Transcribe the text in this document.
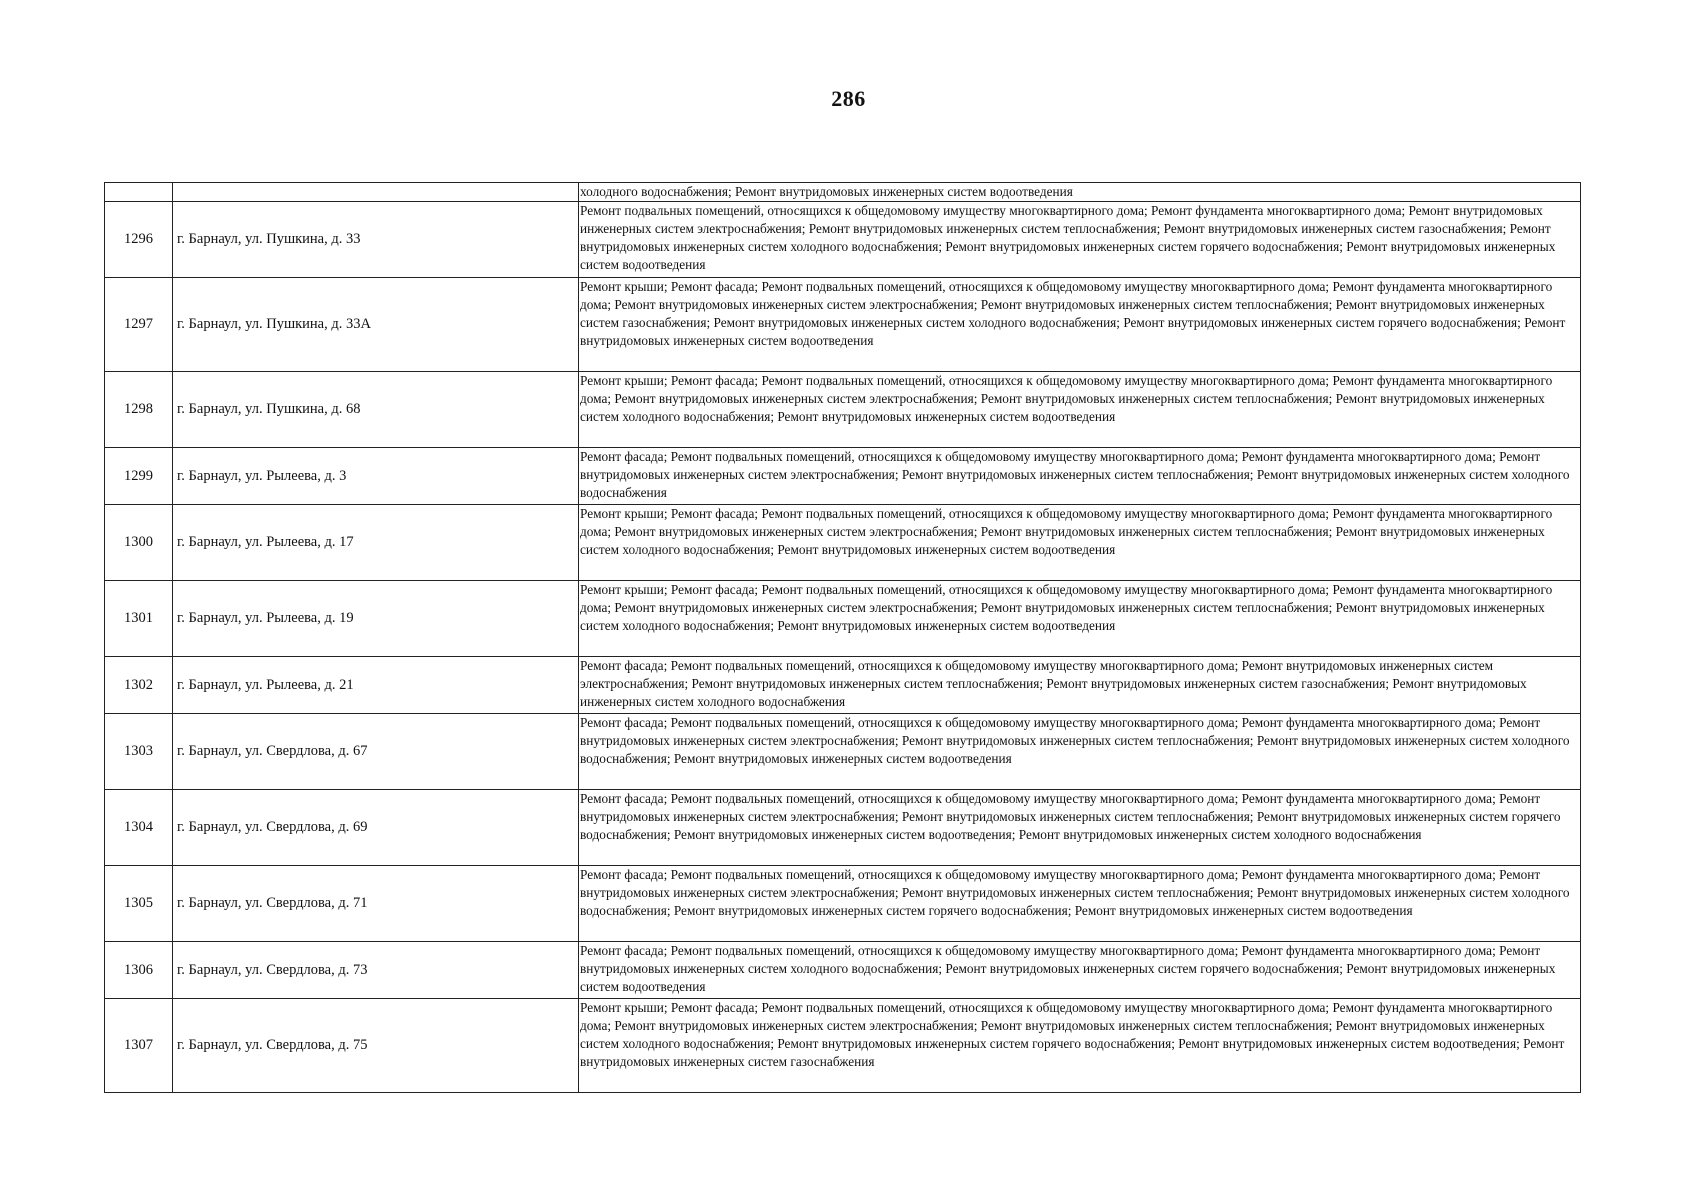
286
		холодного водоснабжения; Ремонт внутридомовых инженерных систем водоотведения
1296	г. Барнаул, ул. Пушкина, д. 33	Ремонт подвальных помещений, относящихся к общедомовому имуществу многоквартирного дома; Ремонт фундамента многоквартирного дома; Ремонт внутридомовых инженерных систем электроснабжения; Ремонт внутридомовых инженерных систем теплоснабжения; Ремонт внутридомовых инженерных систем газоснабжения; Ремонт внутридомовых инженерных систем холодного водоснабжения; Ремонт внутридомовых инженерных систем горячего водоснабжения; Ремонт внутридомовых инженерных систем водоотведения
1297	г. Барнаул, ул. Пушкина, д. 33А	Ремонт крыши; Ремонт фасада; Ремонт подвальных помещений, относящихся к общедомовому имуществу многоквартирного дома; Ремонт фундамента многоквартирного дома; Ремонт внутридомовых инженерных систем электроснабжения; Ремонт внутридомовых инженерных систем теплоснабжения; Ремонт внутридомовых инженерных систем газоснабжения; Ремонт внутридомовых инженерных систем холодного водоснабжения; Ремонт внутридомовых инженерных систем горячего водоснабжения; Ремонт внутридомовых инженерных систем водоотведения
1298	г. Барнаул, ул. Пушкина, д. 68	Ремонт крыши; Ремонт фасада; Ремонт подвальных помещений, относящихся к общедомовому имуществу многоквартирного дома; Ремонт фундамента многоквартирного дома; Ремонт внутридомовых инженерных систем электроснабжения; Ремонт внутридомовых инженерных систем теплоснабжения; Ремонт внутридомовых инженерных систем холодного водоснабжения; Ремонт внутридомовых инженерных систем водоотведения
1299	г. Барнаул, ул. Рылеева, д. 3	Ремонт фасада; Ремонт подвальных помещений, относящихся к общедомовому имуществу многоквартирного дома; Ремонт фундамента многоквартирного дома; Ремонт внутридомовых инженерных систем электроснабжения; Ремонт внутридомовых инженерных систем теплоснабжения; Ремонт внутридомовых инженерных систем холодного водоснабжения
1300	г. Барнаул, ул. Рылеева, д. 17	Ремонт крыши; Ремонт фасада; Ремонт подвальных помещений, относящихся к общедомовому имуществу многоквартирного дома; Ремонт фундамента многоквартирного дома; Ремонт внутридомовых инженерных систем электроснабжения; Ремонт внутридомовых инженерных систем теплоснабжения; Ремонт внутридомовых инженерных систем холодного водоснабжения; Ремонт внутридомовых инженерных систем водоотведения
1301	г. Барнаул, ул. Рылеева, д. 19	Ремонт крыши; Ремонт фасада; Ремонт подвальных помещений, относящихся к общедомовому имуществу многоквартирного дома; Ремонт фундамента многоквартирного дома; Ремонт внутридомовых инженерных систем электроснабжения; Ремонт внутридомовых инженерных систем теплоснабжения; Ремонт внутридомовых инженерных систем холодного водоснабжения; Ремонт внутридомовых инженерных систем водоотведения
1302	г. Барнаул, ул. Рылеева, д. 21	Ремонт фасада; Ремонт подвальных помещений, относящихся к общедомовому имуществу многоквартирного дома; Ремонт внутридомовых инженерных систем электроснабжения; Ремонт внутридомовых инженерных систем теплоснабжения; Ремонт внутридомовых инженерных систем газоснабжения; Ремонт внутридомовых инженерных систем холодного водоснабжения
1303	г. Барнаул, ул. Свердлова, д. 67	Ремонт фасада; Ремонт подвальных помещений, относящихся к общедомовому имуществу многоквартирного дома; Ремонт фундамента многоквартирного дома; Ремонт внутридомовых инженерных систем электроснабжения; Ремонт внутридомовых инженерных систем теплоснабжения; Ремонт внутридомовых инженерных систем холодного водоснабжения; Ремонт внутридомовых инженерных систем водоотведения
1304	г. Барнаул, ул. Свердлова, д. 69	Ремонт фасада; Ремонт подвальных помещений, относящихся к общедомовому имуществу многоквартирного дома; Ремонт фундамента многоквартирного дома; Ремонт внутридомовых инженерных систем электроснабжения; Ремонт внутридомовых инженерных систем теплоснабжения; Ремонт внутридомовых инженерных систем горячего водоснабжения; Ремонт внутридомовых инженерных систем водоотведения; Ремонт внутридомовых инженерных систем холодного водоснабжения
1305	г. Барнаул, ул. Свердлова, д. 71	Ремонт фасада; Ремонт подвальных помещений, относящихся к общедомовому имуществу многоквартирного дома; Ремонт фундамента многоквартирного дома; Ремонт внутридомовых инженерных систем электроснабжения; Ремонт внутридомовых инженерных систем теплоснабжения; Ремонт внутридомовых инженерных систем холодного водоснабжения; Ремонт внутридомовых инженерных систем горячего водоснабжения; Ремонт внутридомовых инженерных систем водоотведения
1306	г. Барнаул, ул. Свердлова, д. 73	Ремонт фасада; Ремонт подвальных помещений, относящихся к общедомовому имуществу многоквартирного дома; Ремонт фундамента многоквартирного дома; Ремонт внутридомовых инженерных систем холодного водоснабжения; Ремонт внутридомовых инженерных систем горячего водоснабжения; Ремонт внутридомовых инженерных систем водоотведения
1307	г. Барнаул, ул. Свердлова, д. 75	Ремонт крыши; Ремонт фасада; Ремонт подвальных помещений, относящихся к общедомовому имуществу многоквартирного дома; Ремонт фундамента многоквартирного дома; Ремонт внутридомовых инженерных систем электроснабжения; Ремонт внутридомовых инженерных систем теплоснабжения; Ремонт внутридомовых инженерных систем холодного водоснабжения; Ремонт внутридомовых инженерных систем горячего водоснабжения; Ремонт внутридомовых инженерных систем водоотведения; Ремонт внутридомовых инженерных систем газоснабжения
